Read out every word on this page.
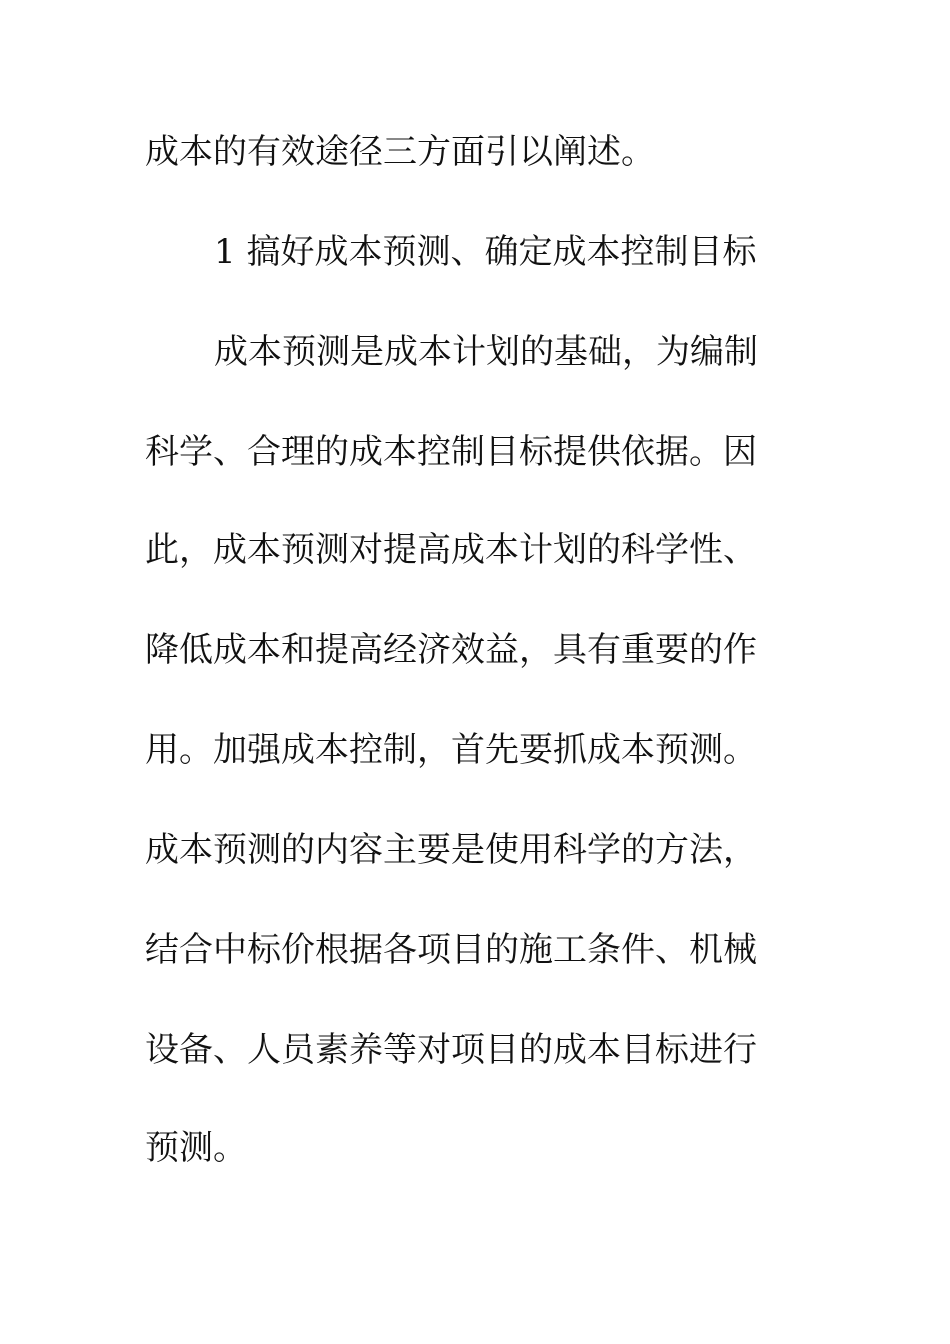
成本的有效途径三方面引以阐述。
1 搞好成本预测、确定成本控制目标
成本预测是成本计划的基础，为编制
科学、合理的成本控制目标提供依据。因
此，成本预测对提高成本计划的科学性、
降低成本和提高经济效益，具有重要的作
用。加强成本控制，首先要抓成本预测。
成本预测的内容主要是使用科学的方法，
结合中标价根据各项目的施工条件、机械
设备、人员素养等对项目的成本目标进行
预测。
